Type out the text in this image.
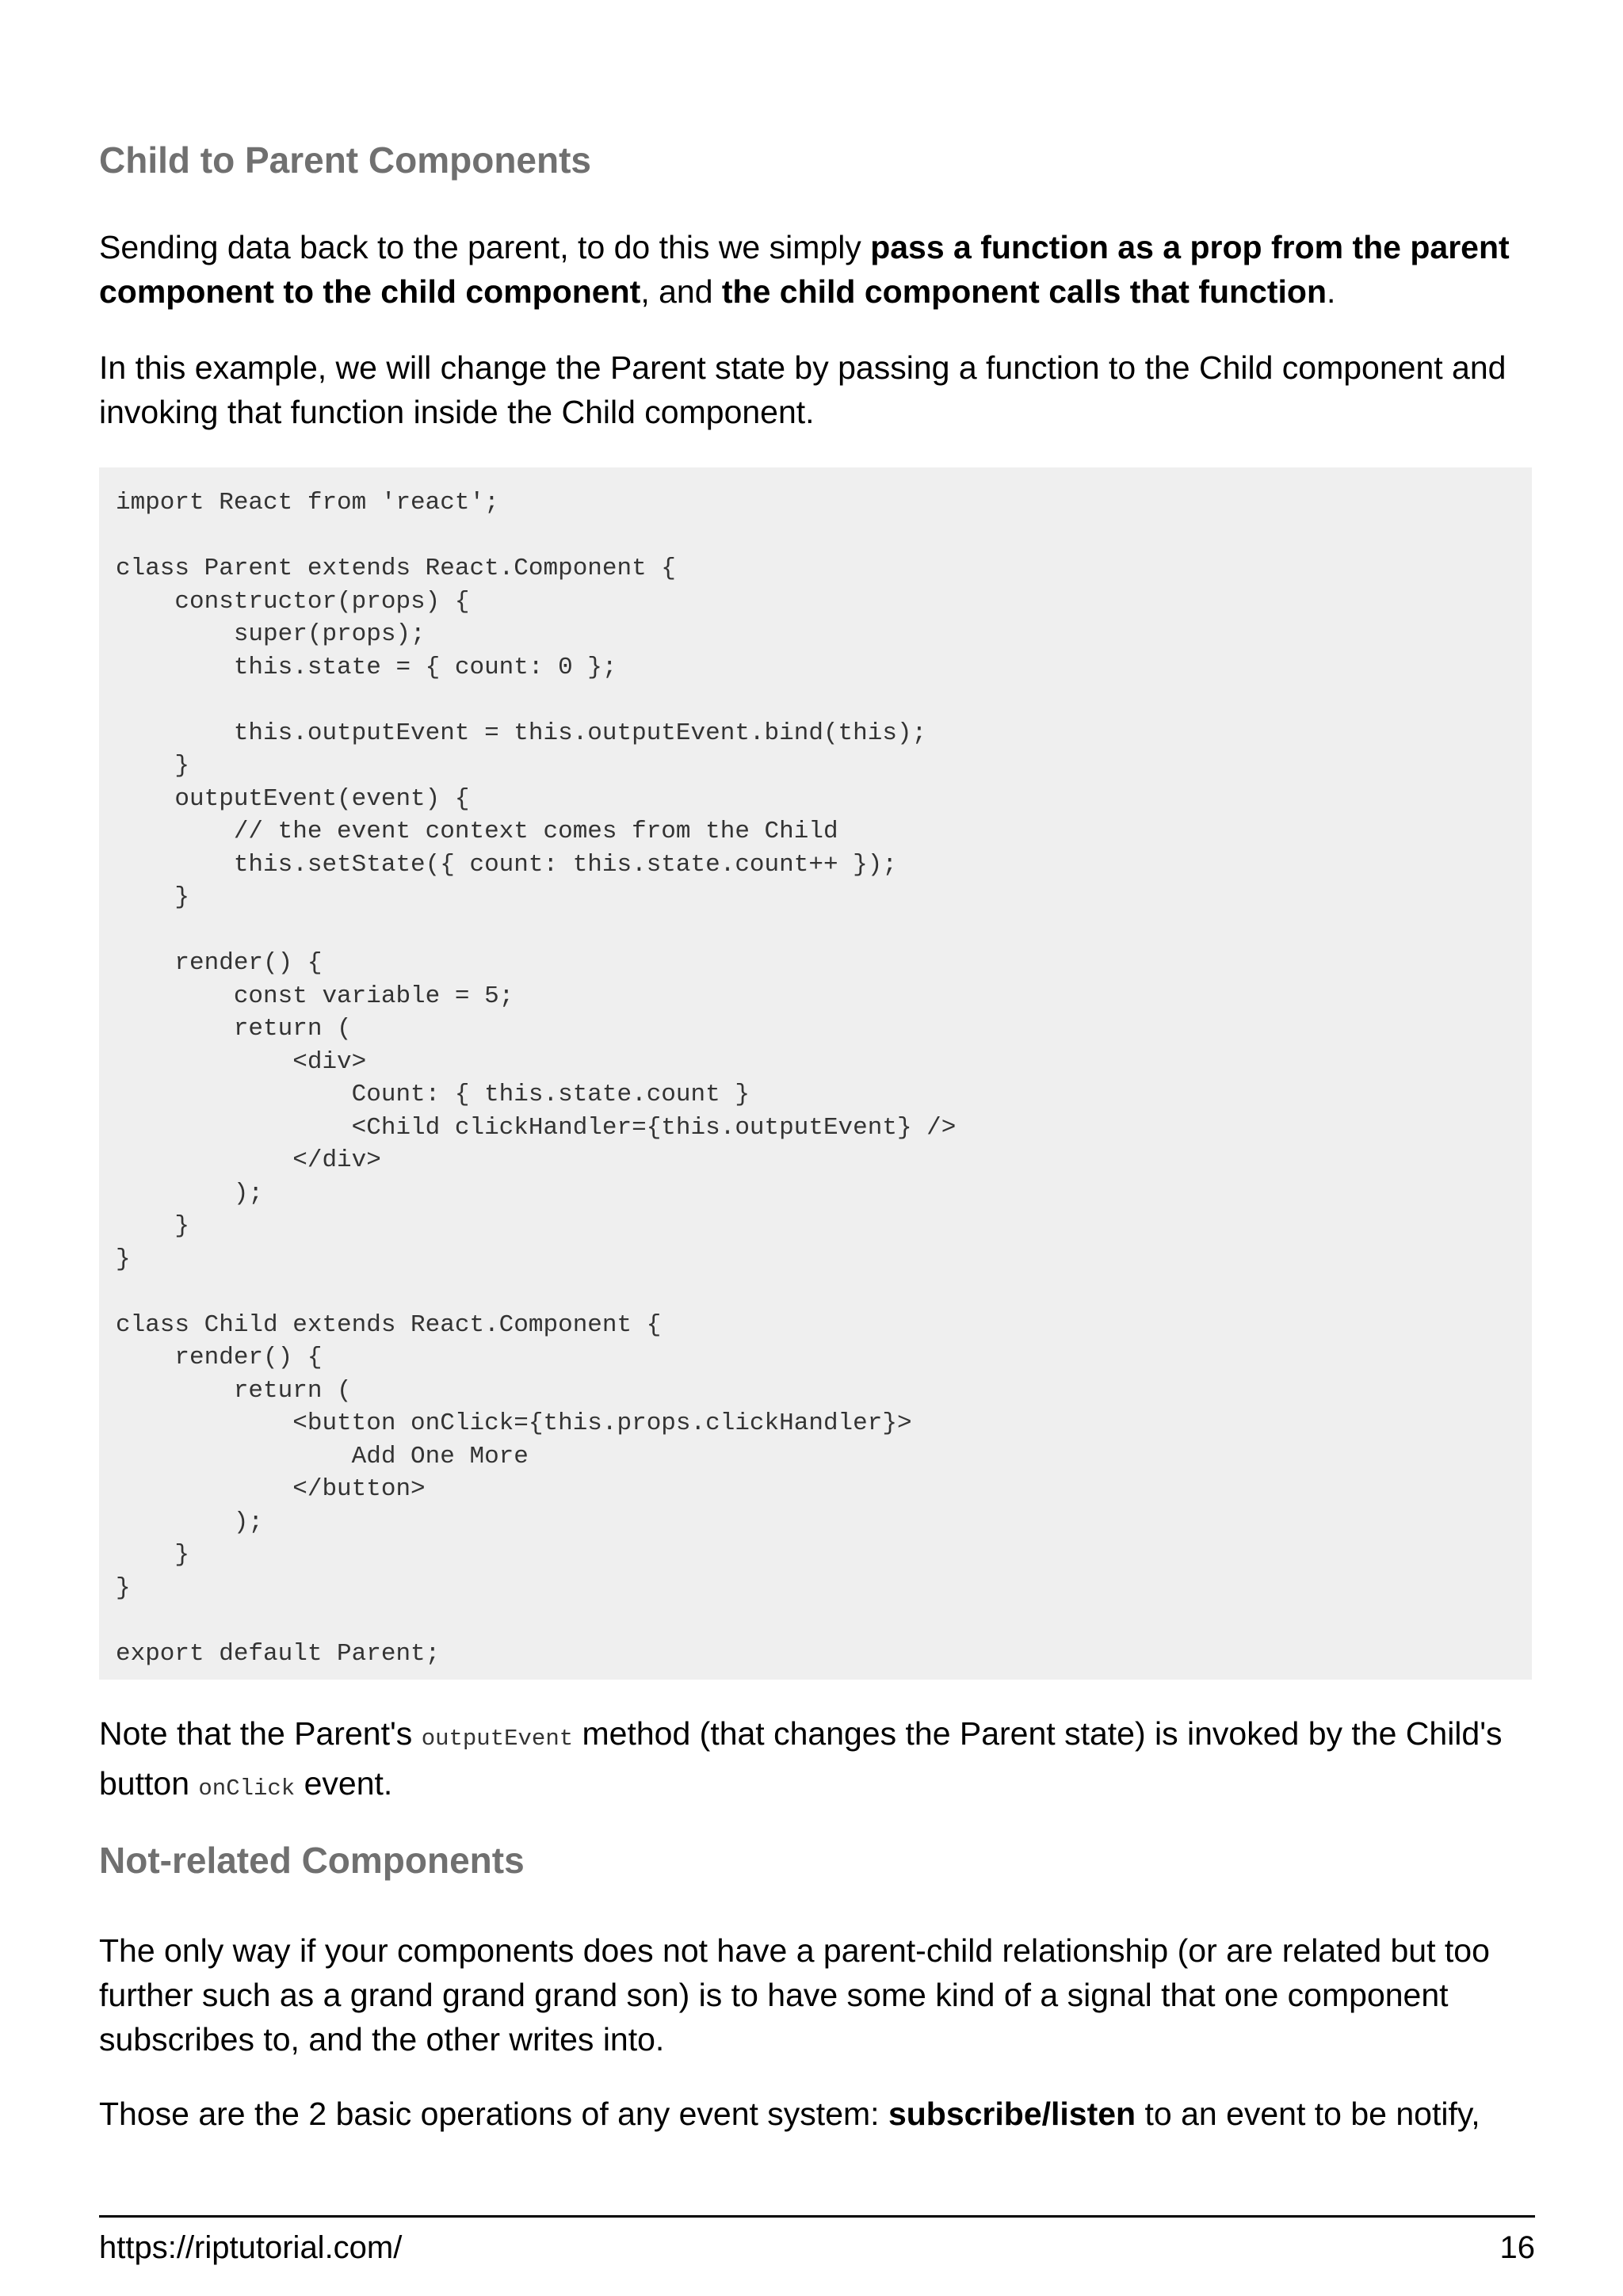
Child to Parent Components

Sending data back to the parent, to do this we simply pass a function as a prop from the parent component to the child component, and the child component calls that function.

In this example, we will change the Parent state by passing a function to the Child component and invoking that function inside the Child component.

import React from 'react';

class Parent extends React.Component {
constructor(props) {
super(props);
this.state = { count: 0 };

this.outputEvent = this.outputEvent.bind(this);
}
outputEvent(event) {
// the event context comes from the Child
this.setState({ count: this.state.count++ });
}

render() {
const variable = 5;
return (
<div>
Count: { this.state.count }
<Child clickHandler={this.outputEvent} />
</div>
);
}
}

class Child extends React.Component {
render() {
return (
<button onClick={this.props.clickHandler}>
Add One More
</button>
);
}
}

export default Parent;

Note that the Parent's outputEvent method (that changes the Parent state) is invoked by the Child's button onClick event.

Not-related Components

The only way if your components does not have a parent-child relationship (or are related but too further such as a grand grand grand son) is to have some kind of a signal that one component subscribes to, and the other writes into.

Those are the 2 basic operations of any event system: subscribe/listen to an event to be notify,

https://riptutorial.com/	16
